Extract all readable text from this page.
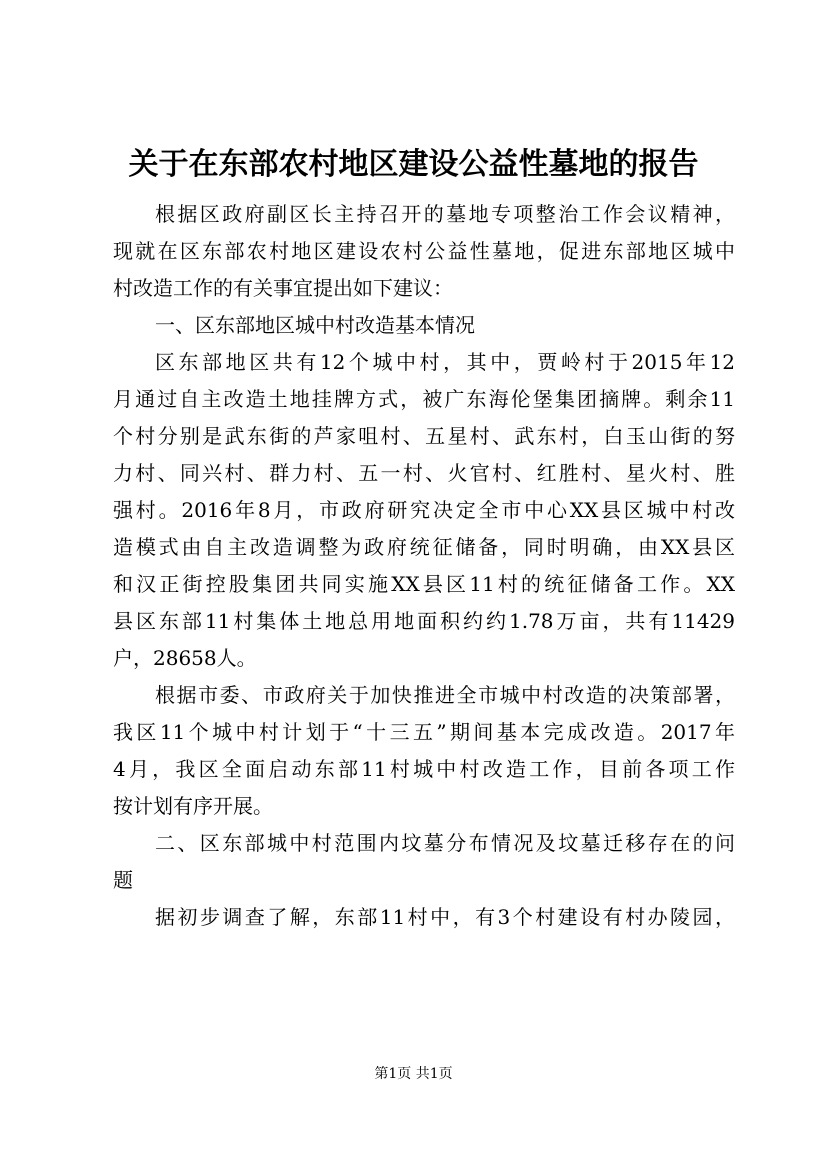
关于在东部农村地区建设公益性墓地的报告
根据区政府副区长主持召开的墓地专项整治工作会议精神，
现就在区东部农村地区建设农村公益性墓地，促进东部地区城中
村改造工作的有关事宜提出如下建议：
一、区东部地区城中村改造基本情况
区东部地区共有12个城中村，其中，贾岭村于2015年12
月通过自主改造土地挂牌方式，被广东海伦堡集团摘牌。剩余11
个村分别是武东街的芦家咀村、五星村、武东村，白玉山街的努
力村、同兴村、群力村、五一村、火官村、红胜村、星火村、胜
强村。2016年8月，市政府研究决定全市中心XX县区城中村改
造模式由自主改造调整为政府统征储备，同时明确，由XX县区
和汉正街控股集团共同实施XX县区11村的统征储备工作。XX
县区东部11村集体土地总用地面积约约1.78万亩，共有11429
户，28658人。
根据市委、市政府关于加快推进全市城中村改造的决策部署，
我区11个城中村计划于“十三五”期间基本完成改造。2017年
4月，我区全面启动东部11村城中村改造工作，目前各项工作
按计划有序开展。
二、区东部城中村范围内坟墓分布情况及坟墓迁移存在的问
题
据初步调查了解，东部11村中，有3个村建设有村办陵园，
第1页 共1页
